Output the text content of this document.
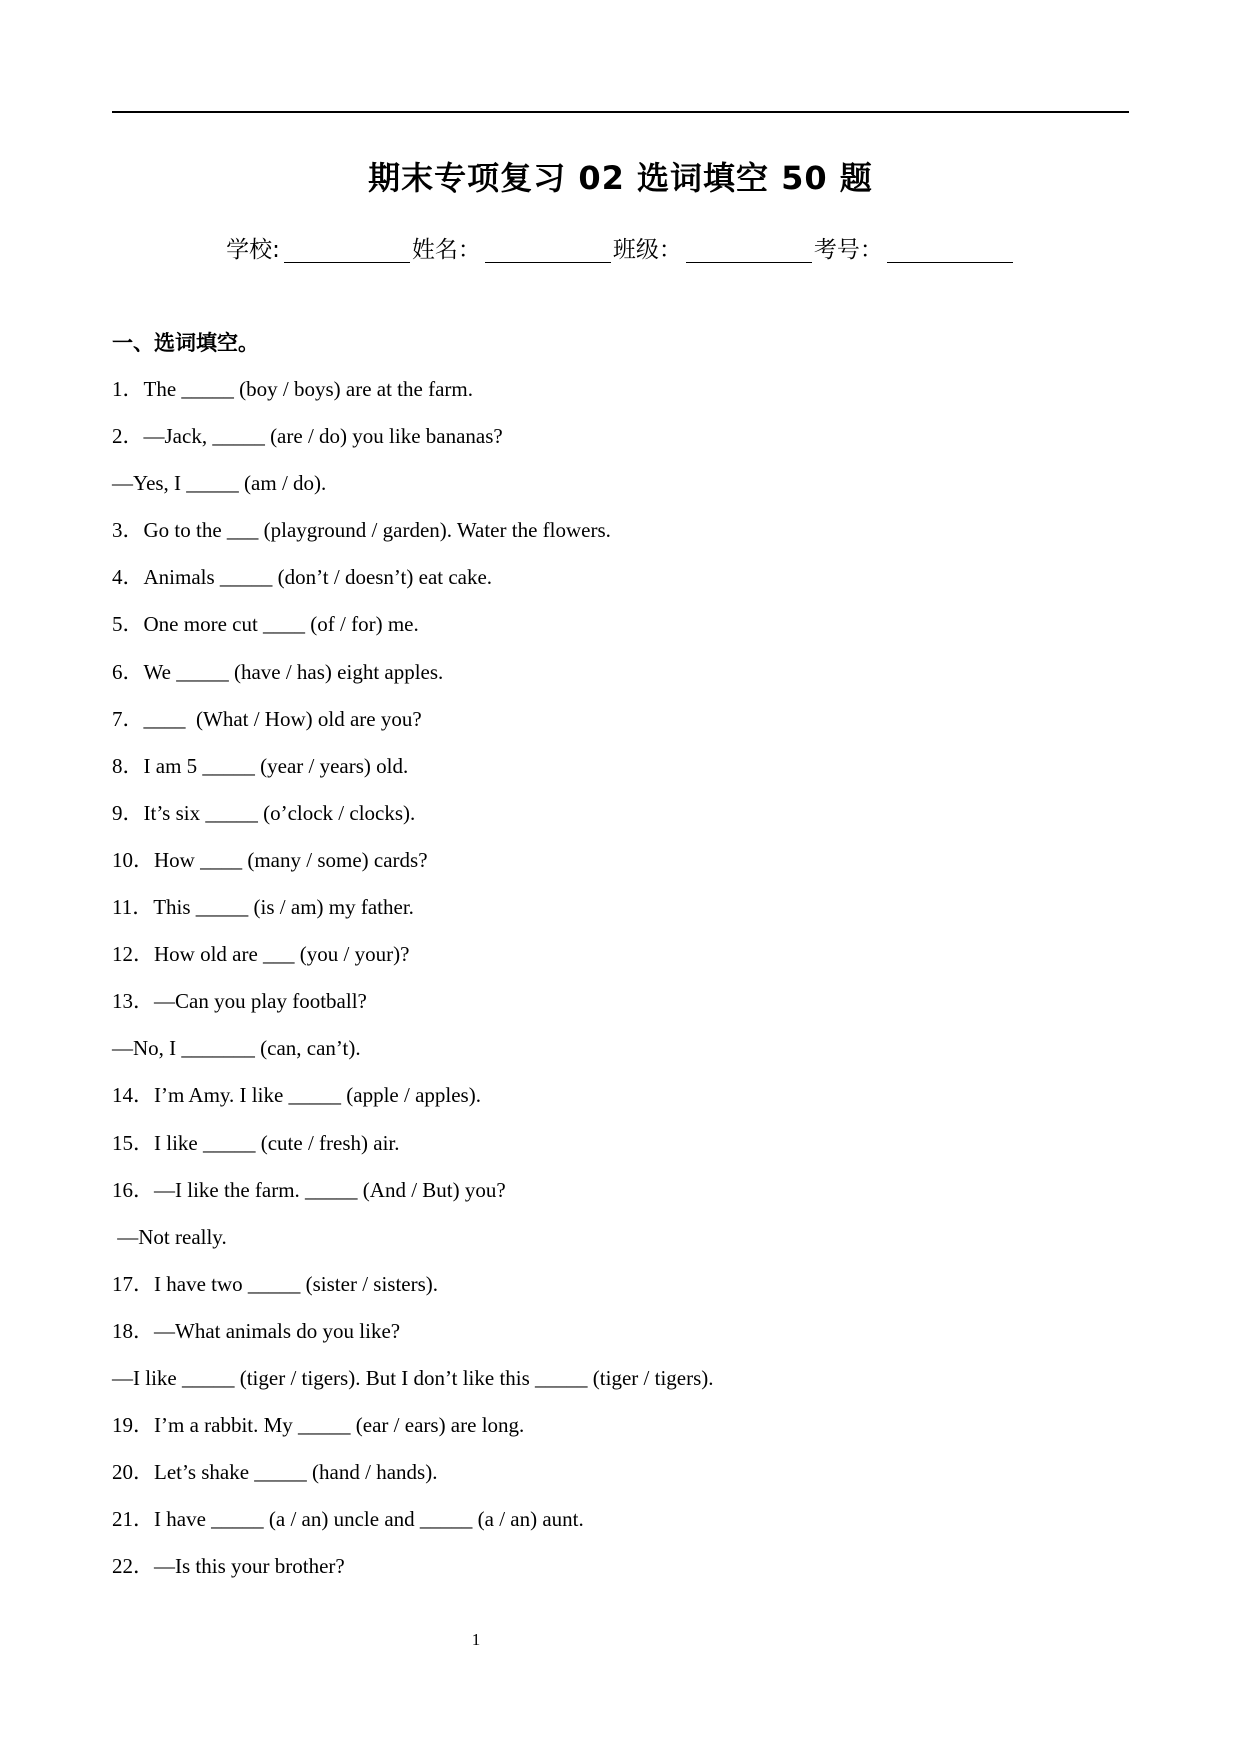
期末专项复习 02 选词填空 50 题
学校:	姓名：	班级：	考号：
一、选词填空。
1．The _____ (boy / boys) are at the farm.
2．—Jack, _____ (are / do) you like bananas?
—Yes, I _____ (am / do).
3．Go to the ___ (playground / garden). Water the flowers.
4．Animals _____ (don’t / doesn’t) eat cake.
5．One more cut ____ (of / for) me.
6．We _____ (have / has) eight apples.
7．____  (What / How) old are you?
8．I am 5 _____ (year / years) old.
9．It’s six _____ (o’clock / clocks).
10．How ____ (many / some) cards?
11．This _____ (is / am) my father.
12．How old are ___ (you / your)?
13．—Can you play football?
—No, I _______ (can, can’t).
14．I’m Amy. I like _____ (apple / apples).
15．I like _____ (cute / fresh) air.
16．—I like the farm. _____ (And / But) you?
—Not really.
17．I have two _____ (sister / sisters).
18．—What animals do you like?
—I like _____ (tiger / tigers). But I don’t like this _____ (tiger / tigers).
19．I’m a rabbit. My _____ (ear / ears) are long.
20．Let’s shake _____ (hand / hands).
21．I have _____ (a / an) uncle and _____ (a / an) aunt.
22．—Is this your brother?
1
